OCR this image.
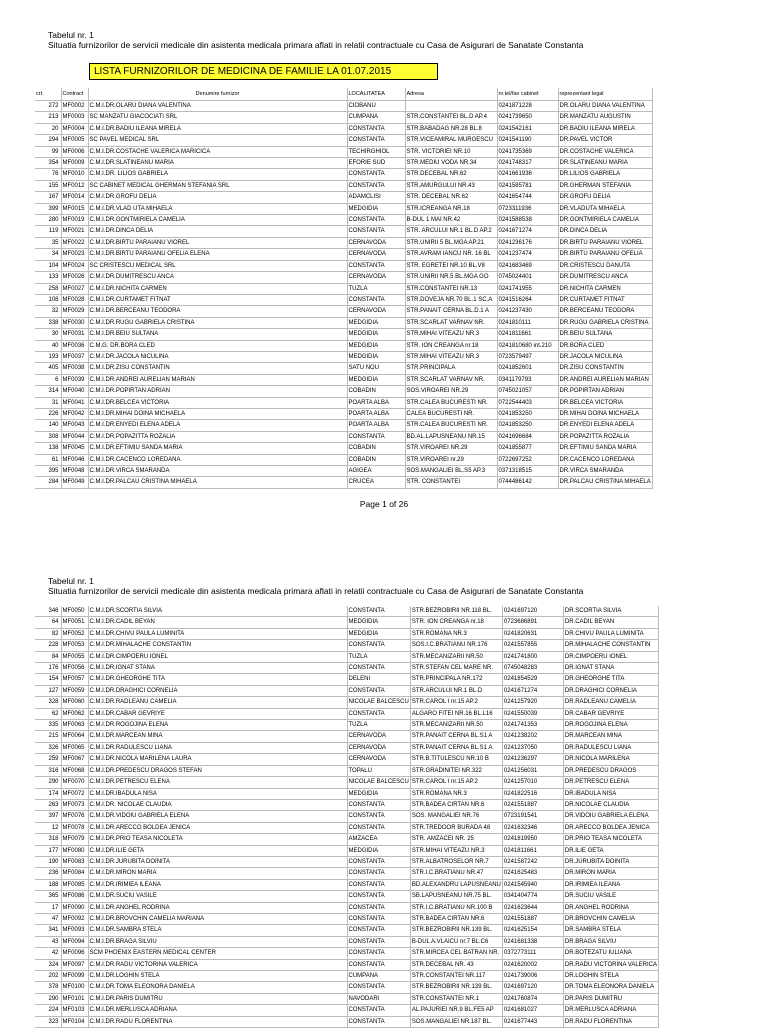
Tabelul nr. 1
Situatia furnizorilor de servicii medicale din asistenta medicala primara aflati in relatii contractuale cu Casa de Asigurari de Sanatate Constanta
LISTA FURNIZORILOR DE MEDICINA DE FAMILIE LA 01.07.2015
crt.	Contract	Denumire furnizor	LOCALITATEA	Adresa	nr.tel/fax cabinet	reprezentant legal
272	MF0002	C.M.I.DR.OLARU DIANA VALENTINA	CIOBANU		0241871228	DR.OLARU DIANA VALENTINA
213	MF0003	SC MANZATU GIACOCIATI SRL	CUMPANA	STR.CONSTANTEI BL.D AP.4	0241739650	DR.MANZATU AUGUSTIN
20	MF0004	C.M.I.DR.BADIU ILEANA MIRELA	CONSTANTA	STR.BABADAG NR.28 BL.8	0241542161	DR.BADIU ILEANA MIRELA
294	MF0005	SC PAVEL MEDICAL SRL	CONSTANTA	STR.VICEAMIRAL MURGESCU	0241541190	DR.PAVEL VICTOR
99	MF0006	C.M.I.DR.COSTACHE VALERICA MARICICA	TECHIRGHIOL	STR. VICTORIEI NR.10	0241735369	DR.COSTACHE VALERICA
354	MF0009	C.M.I.DR.SLATINEANU MARIA	EFORIE SUD	STR.MEDIU VODA NR.34	0241748317	DR.SLATINEANU MARIA
76	MF0010	C.M.I.DR. LILIOS GABRIELA	CONSTANTA	STR.DECEBAL NR.62	0241661936	DR.LILIOS GABRIELA
155	MF0012	SC CABINET MEDICAL GHERMAN STEFANIA SRL	CONSTANTA	STR.AMURGULUI NR.43	0241585781	DR.GHERMAN STEFANIA
167	MF0014	C.M.I.DR.GROFU DELIA	ADAMCLISI	STR. DECEBAL NR.62	0241654744	DR.GROFU DELIA
399	MF0015	C.M.I.DR.VLAD UTA MIHAELA	MEDGIDIA	STR.ICREANGA NR.18	0723311936	DR.VLADUTA MIHAELA
280	MF0019	C.M.I.DR.GONTMIRIELA CAMELIA	CONSTANTA	B-DUL 1 MAI NR.42	0241588538	DR.GONTMIRIELA CAMELIA
119	MF0021	C.M.I.DR.DINCA DELIA	CONSTANTA	STR. ARCULUI NR.1 BL.D AP.2	0241671274	DR.DINCA DELIA
35	MF0022	C.M.I.DR.BIRTU PARAIANU VIOREL	CERNAVODA	STR.UNIRII 5 BL.MGA AP.21	0241236176	DR.BIRTU PARAIANU VIOREL
34	MF0023	C.M.I.DR.BIRTU PARAIANU OFELIA ELENA	CERNAVODA	STR.AVRAM IANCU NR. 16 BL	0241237474	DR.BIRTU PARAIANU OFELIA
104	MF0024	SC CRISTESCU MEDICAL SRL	CONSTANTA	STR. EGRETEI NR.10 BL.V8	0241683469	DR.CRISTESCU DANUTA
133	MF0026	C.M.I.DR.DUMITRESCU ANCA	CERNAVODA	STR.UNIRII NR.5 BL.MGA GO	0745024401	DR.DUMITRESCU ANCA
258	MF0027	C.M.I.DR.NICHITA CARMEN	TUZLA	STR.CONSTANTEI NR.13	0241741955	DR.NICHITA CARMEN
108	MF0028	C.M.I.DR.CURTAMET FITNAT	CONSTANTA	STR.DOVEJA NR.70 BL.1 SC.A	0241516264	DR.CURTAMET FITNAT
32	MF0029	C.M.I.DR.BERCEANU TEODORA	CERNAVODA	STR.PANAIT CERNA BL.D.1 A	0241237430	DR.BERCEANU TEODORA
338	MF0030	C.M.I.DR.RUGU GABRIELA CRISTINA	MEDGIDIA	STR.SCARLAT VARNAV NR.	0241810111	DR.RUGU GABRIELA CRISTINA
30	MF0031	C.M.I.DR.BEIU SULTANA	MEDGIDIA	STR.MIHAI VITEAZU NR.3	0241811661	DR.BEIU SULTANA
40	MF0036	C.M.G. DR.BORA CLED	MEDGIDIA	STR. ION CREANGA nr.18	0241810680 int.210	DR.BORA CLED
193	MF0037	C.M.I.DR.JACOLA NICULINA	MEDGIDIA	STR.MIHAI VITEAZU NR.3	0723579497	DR.JACOLA NICULINA
405	MF0038	C.M.I.DR.ZISU CONSTANTIN	SATU NOU	STR.PRINCIPALA	0241852601	DR.ZISU CONSTANTIN
6	MF0039	C.M.I.DR.ANDREI AURELIAN MARIAN	MEDGIDIA	STR.SCARLAT VARNAV NR.	0341179793	DR.ANDREI AURELIAN MARIAN
314	MF0040	C.M.I.DR.POPIRTAN ADRIAN	COBADIN	SOS.VIROAREI NR.29	0745021057	DR.POPIRTAN ADRIAN
31	MF0041	C.M.I.DR.BELCEA VICTORIA	POARTA ALBA	STR.CALEA BUCURESTI NR.	0722544403	DR.BELCEA VICTORIA
226	MF0042	C.M.I.DR.MIHAI DOINA MICHAELA	POARTA ALBA	CALEA BUCURESTI NR.	0241853250	DR.MIHAI DOINA MICHAELA
140	MF0043	C.M.I.DR.ENYEDI ELENA ADELA	POARTA ALBA	STR.CALEA BUCURESTI NR.	0241853250	DR.ENYEDI ELENA ADELA
308	MF0044	C.M.I.DR.POPAZITTA ROZALIA	CONSTANTA	BD.AL.LAPUSNEANU NR.15	0241696684	DR.POPAZITTA ROZALIA
138	MF0045	C.M.I.DR.EFTIMIU SANDA MARIA	COBADIN	STR.VIROAREI NR.29	0241855877	DR.EFTIMIU SANDA MARIA
61	MF0046	C.M.I.DR.CACENCO LOREDANA	COBADIN	STR.VIROAREI nr.29	0722697252	DR.CACENCO LOREDANA
395	MF0048	C.M.I.DR.VIRCA SMARANDA	AGIGEA	SOS.MANGALIEI BL.S5 AP.3	0371318515	DR.VIRCA SMARANDA
284	MF0049	C.M.I.DR.PALCAU CRISTINA MIHAELA	CRUCEA	STR. CONSTANTEI	0744486142	DR.PALCAU CRISTINA MIHAELA
Page 1 of 26
Tabelul nr. 1
Situatia furnizorilor de servicii medicale din asistenta medicala primara aflati in relatii contractuale cu Casa de Asigurari de Sanatate Constanta
346	MF0050	C.M.I.DR.SCORTIA SILVIA	CONSTANTA	STR.BEZROBIRII NR.118 BL.	0241697120	DR.SCORTIA SILVIA
64	MF0051	C.M.I.DR.CADIL BEYAN	MEDGIDIA	STR. ION CREANGA nr.18	0723686891	DR.CADIL BEYAN
82	MF0052	C.M.I.DR.CHIVU PAULA LUMINITA	MEDGIDIA	STR.ROMANA NR.3	0241820631	DR.CHIVU PAULA LUMINITA
228	MF0053	C.M.I.DR.MIHALACHE CONSTANTIN	CONSTANTA	SOS.I.C.BRATIANU NR.176	0241557855	DR.MIHALACHE CONSTANTIN
84	MF0055	C.M.I.DR.CIMPOERU IONEL	TUZLA	STR.MECANIZARII NR.50	0241741800	DR.CIMPOERU IONEL
176	MF0056	C.M.I.DR.IGNAT STANA	CONSTANTA	STR.STEFAN CEL MARE NR.	0745048283	DR.IGNAT STANA
154	MF0057	C.M.I.DR.GHEORGHE TITA	DELENI	STR.PRINCIPALA NR.172	0241854529	DR.GHEORGHE TITA
127	MF0059	C.M.I.DR.DRAGHICI CORNELIA	CONSTANTA	STR.ARCULUI NR.1 BL.D	0241671274	DR.DRAGHICI CORNELIA
328	MF0060	C.M.I.DR.RADLEANU CAMELIA	NICOLAE BALCESCU	STR.CAROL I nr.15 AP.2	0241257920	DR.RADLEANU CAMELIA
62	MF0062	C.M.I.DR.CABAR GEVRIYE	CONSTANTA	ALGARO FITEI NR.16 BL.L16	0241550039	DR.CABAR GEVRIYE
335	MF0063	C.M.I.DR.ROGOJINA ELENA	TUZLA	STR.MECANIZARII NR.50	0241741353	DR.ROGOJINA ELENA
215	MF0064	C.M.I.DR.MARCEAN MINA	CERNAVODA	STR.PANAIT CERNA BL.S1 A	0241238202	DR.MARCEAN MINA
326	MF0065	C.M.I.DR.RADULESCU LIANA	CERNAVODA	STR.PANAIT CERNA BL.S1 A	0241237050	DR.RADULESCU LIANA
259	MF0067	C.M.I.DR.NICOLA MARILENA LAURA	CERNAVODA	STR.B.TITULESCU NR.10 B	0241236297	DR.NICOLA MARILENA
316	MF0068	C.M.I.DR.PREDESCU DRAGOS STEFAN	TOPALU	STR.GRADINITEI NR.322	0241256031	DR.PREDESCU DRAGOS
290	MF0070	C.M.I.DR.PETRESCU ELENA	NICOLAE BALCESCU	STR.CAROL I nr.15 AP.2	0241257010	DR.PETRESCU ELENA
174	MF0072	C.M.I.DR.IBADULA NISA	MEDGIDIA	STR.ROMANA NR.3	0241822516	DR.IBADULA NISA
263	MF0073	C.M.I.DR. NICOLAE CLAUDIA	CONSTANTA	STR.BADEA CIRTAN NR.6	0241551887	DR.NICOLAE CLAUDIA
397	MF0076	C.M.I.DR.VIDOIU GABRIELA ELENA	CONSTANTA	SOS. MANGALIEI NR.76	0723191541	DR.VIDOIU GABRIELA ELENA
12	MF0078	C.M.I.DR.ARECCO BOLDEA JENICA	CONSTANTA	STR.TREDOOR BURADA 48	0241632346	DR.ARECCO BOLDEA JENICA
318	MF0079	C.M.I.DR.PRIO TEASA NICOLETA	AMZACEA	STR. AMZACEI NR. 25	0241819950	DR.PRIO TEASA NICOLETA
177	MF0080	C.M.I.DR.ILIE GETA	MEDGIDIA	STR.MIHAI VITEAZU NR.3	0241811661	DR.ILIE GETA
190	MF0083	C.M.I.DR.JURUBITA DOINITA	CONSTANTA	STR.ALBATROSELOR NR.7	0241587242	DR.JURUBITA DOINITA
236	MF0084	C.M.I.DR.MIRON MARIA	CONSTANTA	STR.I.C.BRATIANU NR.47	0241625483	DR.MIRON MARIA
188	MF0085	C.M.I.DR.IRIMIEA ILEANA	CONSTANTA	BD.ALEXANDRU LAPUSNEANU	0241545940	DR.IRIMIEA ILEANA
365	MF0086	C.M.I.DR.SUCIU VASILE	CONSTANTA	SB.LAPUSNEANU NR.75 BL.	0341404774	DR.SUCIU VASILE
17	MF0090	C.M.I.DR.ANGHEL RODRINA	CONSTANTA	STR.I.C.BRATIANU NR.100 B	0241623644	DR.ANGHEL RODRINA
47	MF0092	C.M.I.DR.BROVCHIN CAMELIA MARIANA	CONSTANTA	STR.BADEA CIRTAN NR.6	0241551887	DR.BROVCHIN CAMELIA
341	MF0093	C.M.I.DR.SAMBRA STELA	CONSTANTA	STR.BEZROBIRII NR.139 BL.	0241625154	DR.SAMBRA STELA
43	MF0094	C.M.I.DR.BRAGA SILVIU	CONSTANTA	B-DUL A.VLAICU nr.7 BL.C6	0241681338	DR.BRAGA SILVIU
42	MF0096	SCM PHOENIX EASTERN MEDICAL CENTER	CONSTANTA	STR.MIRCEA CEL BATRAN NR.	0372773111	DR.BOTEZATU IULIANA
324	MF0097	C.M.I.DR.RADU VICTORINA VALERICA	CONSTANTA	STR.DECEBAL NR. 43	0241620002	DR.RADU VICTORINA VALERICA
202	MF0099	C.M.I.DR.LOGHIN STELA	CUMPANA	STR.CONSTANTEI NR.117	0241739006	DR.LOGHIN STELA
378	MF0100	C.M.I.DR.TOMA ELEONORA DANIELA	CONSTANTA	STR.BEZROBIRII NR.139 BL.	0241697120	DR.TOMA ELEONORA DANIELA
290	MF0101	C.M.I.DR.PARIS DUMITRU	NAVODARI	STR.CONSTANTEI NR.1	0241760874	DR.PARIS DUMITRU
224	MF0103	C.M.I.DR.MERLUSCA ADRIANA	CONSTANTA	AL.PAJURIEI NR.9 BL.FE5 AP	0241681027	DR.MERLUSCA ADRIANA
323	MF0104	C.M.I.DR.RADU FLORENTINA	CONSTANTA	SOS.MANGALIEI NR.187 BL.	0241677443	DR.RADU FLORENTINA
